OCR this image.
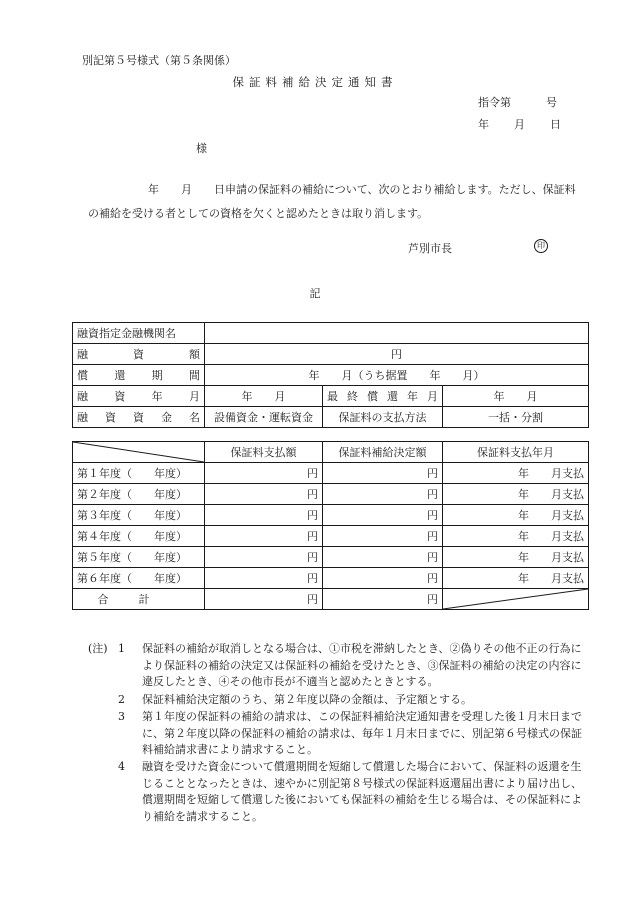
別記第５号様式（第５条関係）
保証料補給決定通知書
指令第	号
年 月 日
様
年　　月　　日申請の保証料の補給について、次のとおり補給します。ただし、保証料の補給を受ける者としての資格を欠くと認めたときは取り消します。
芦別市長	印
記
融資指定金融機関名			
融資額	円		
償還期間	年　　月（うち据置　　年　　月）		
融資年月	年　　月	最終償還年月	年　　月
融資資金名	設備資金・運転資金	保証料の支払方法	一括・分割
	保証料支払額	保証料補給決定額	保証料支払年月
第１年度（　　年度）	円	円	年　　月支払
第２年度（　　年度）	円	円	年　　月支払
第３年度（　　年度）	円	円	年　　月支払
第４年度（　　年度）	円	円	年　　月支払
第５年度（　　年度）	円	円	年　　月支払
第６年度（　　年度）	円	円	年　　月支払
合計	円	円	
(注) 1	保証料の補給が取消しとなる場合は、①市税を滞納したとき、②偽りその他不正の行為により保証料の補給の決定又は保証料の補給を受けたとき、③保証料の補給の決定の内容に違反したとき、④その他市長が不適当と認めたときとする。
2	保証料補給決定額のうち、第２年度以降の金額は、予定額とする。
3	第１年度の保証料の補給の請求は、この保証料補給決定通知書を受理した後１月末日までに、第２年度以降の保証料の補給の請求は、毎年１月末日までに、別記第６号様式の保証料補給請求書により請求すること。
4	融資を受けた資金について償還期間を短縮して償還した場合において、保証料の返還を生じることとなったときは、速やかに別記第８号様式の保証料返還届出書により届け出し、償還期間を短縮して償還した後においても保証料の補給を生じる場合は、その保証料により補給を請求すること。
